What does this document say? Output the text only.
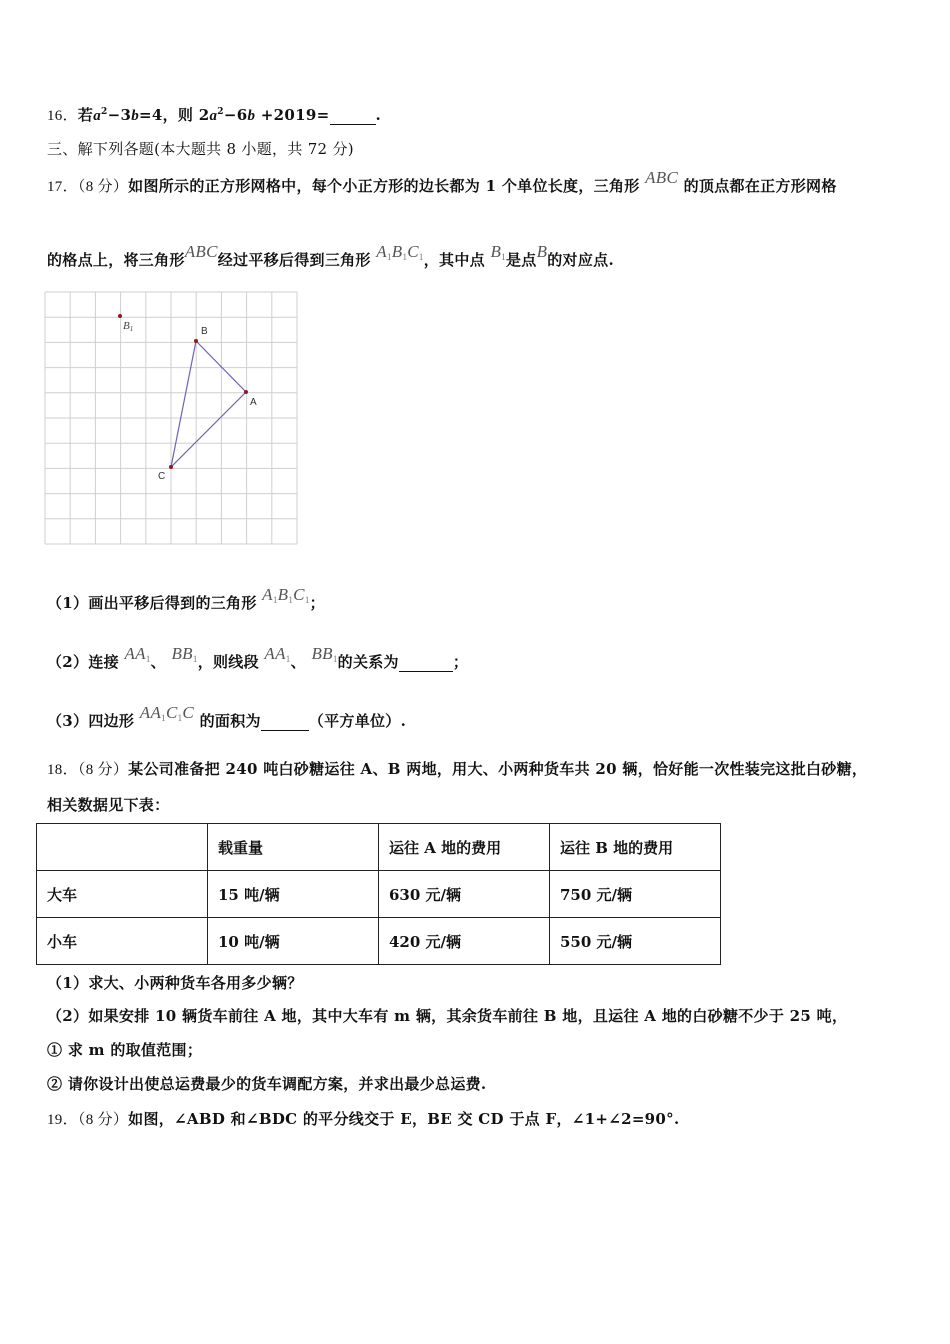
16．若$a^2-3b=4$，则 $2a^2-6b +2019=$	.
三、解下列各题(本大题共 8 小题，共 72 分)
17．（8 分）如图所示的正方形网格中，每个小正方形的边长都为 1 个单位长度，三角形 ABC 的顶点都在正方形网格
的格点上，将三角形ABC经过平移后得到三角形 $A_1B_1C_1$，其中点 $B_1$是点B的对应点.
B1	B
A
C
（1）画出平移后得到的三角形 $A_1B_1C_1$；
（2）连接 $AA_1$、 $BB_1$，则线段 $AA_1$、 $BB_1$的关系为	；
（3）四边形 $AA_1C_1C$ 的面积为	（平方单位）.
18．（8 分）某公司准备把 240 吨白砂糖运往 A、B 两地，用大、小两种货车共 20 辆，恰好能一次性装完这批白砂糖，
相关数据见下表：
	载重量	运往 A 地的费用	运往 B 地的费用
大车	15 吨/辆	630 元/辆	750 元/辆
小车	10 吨/辆	420 元/辆	550 元/辆
（1）求大、小两种货车各用多少辆？
（2）如果安排 10 辆货车前往 A 地，其中大车有 m 辆，其余货车前往 B 地，且运往 A 地的白砂糖不少于 25 吨，
① 求 m 的取值范围；
② 请你设计出使总运费最少的货车调配方案，并求出最少总运费.
19．（8 分）如图，∠ABD 和∠BDC 的平分线交于 E，BE 交 CD 于点 F，∠1+∠2=90°.
